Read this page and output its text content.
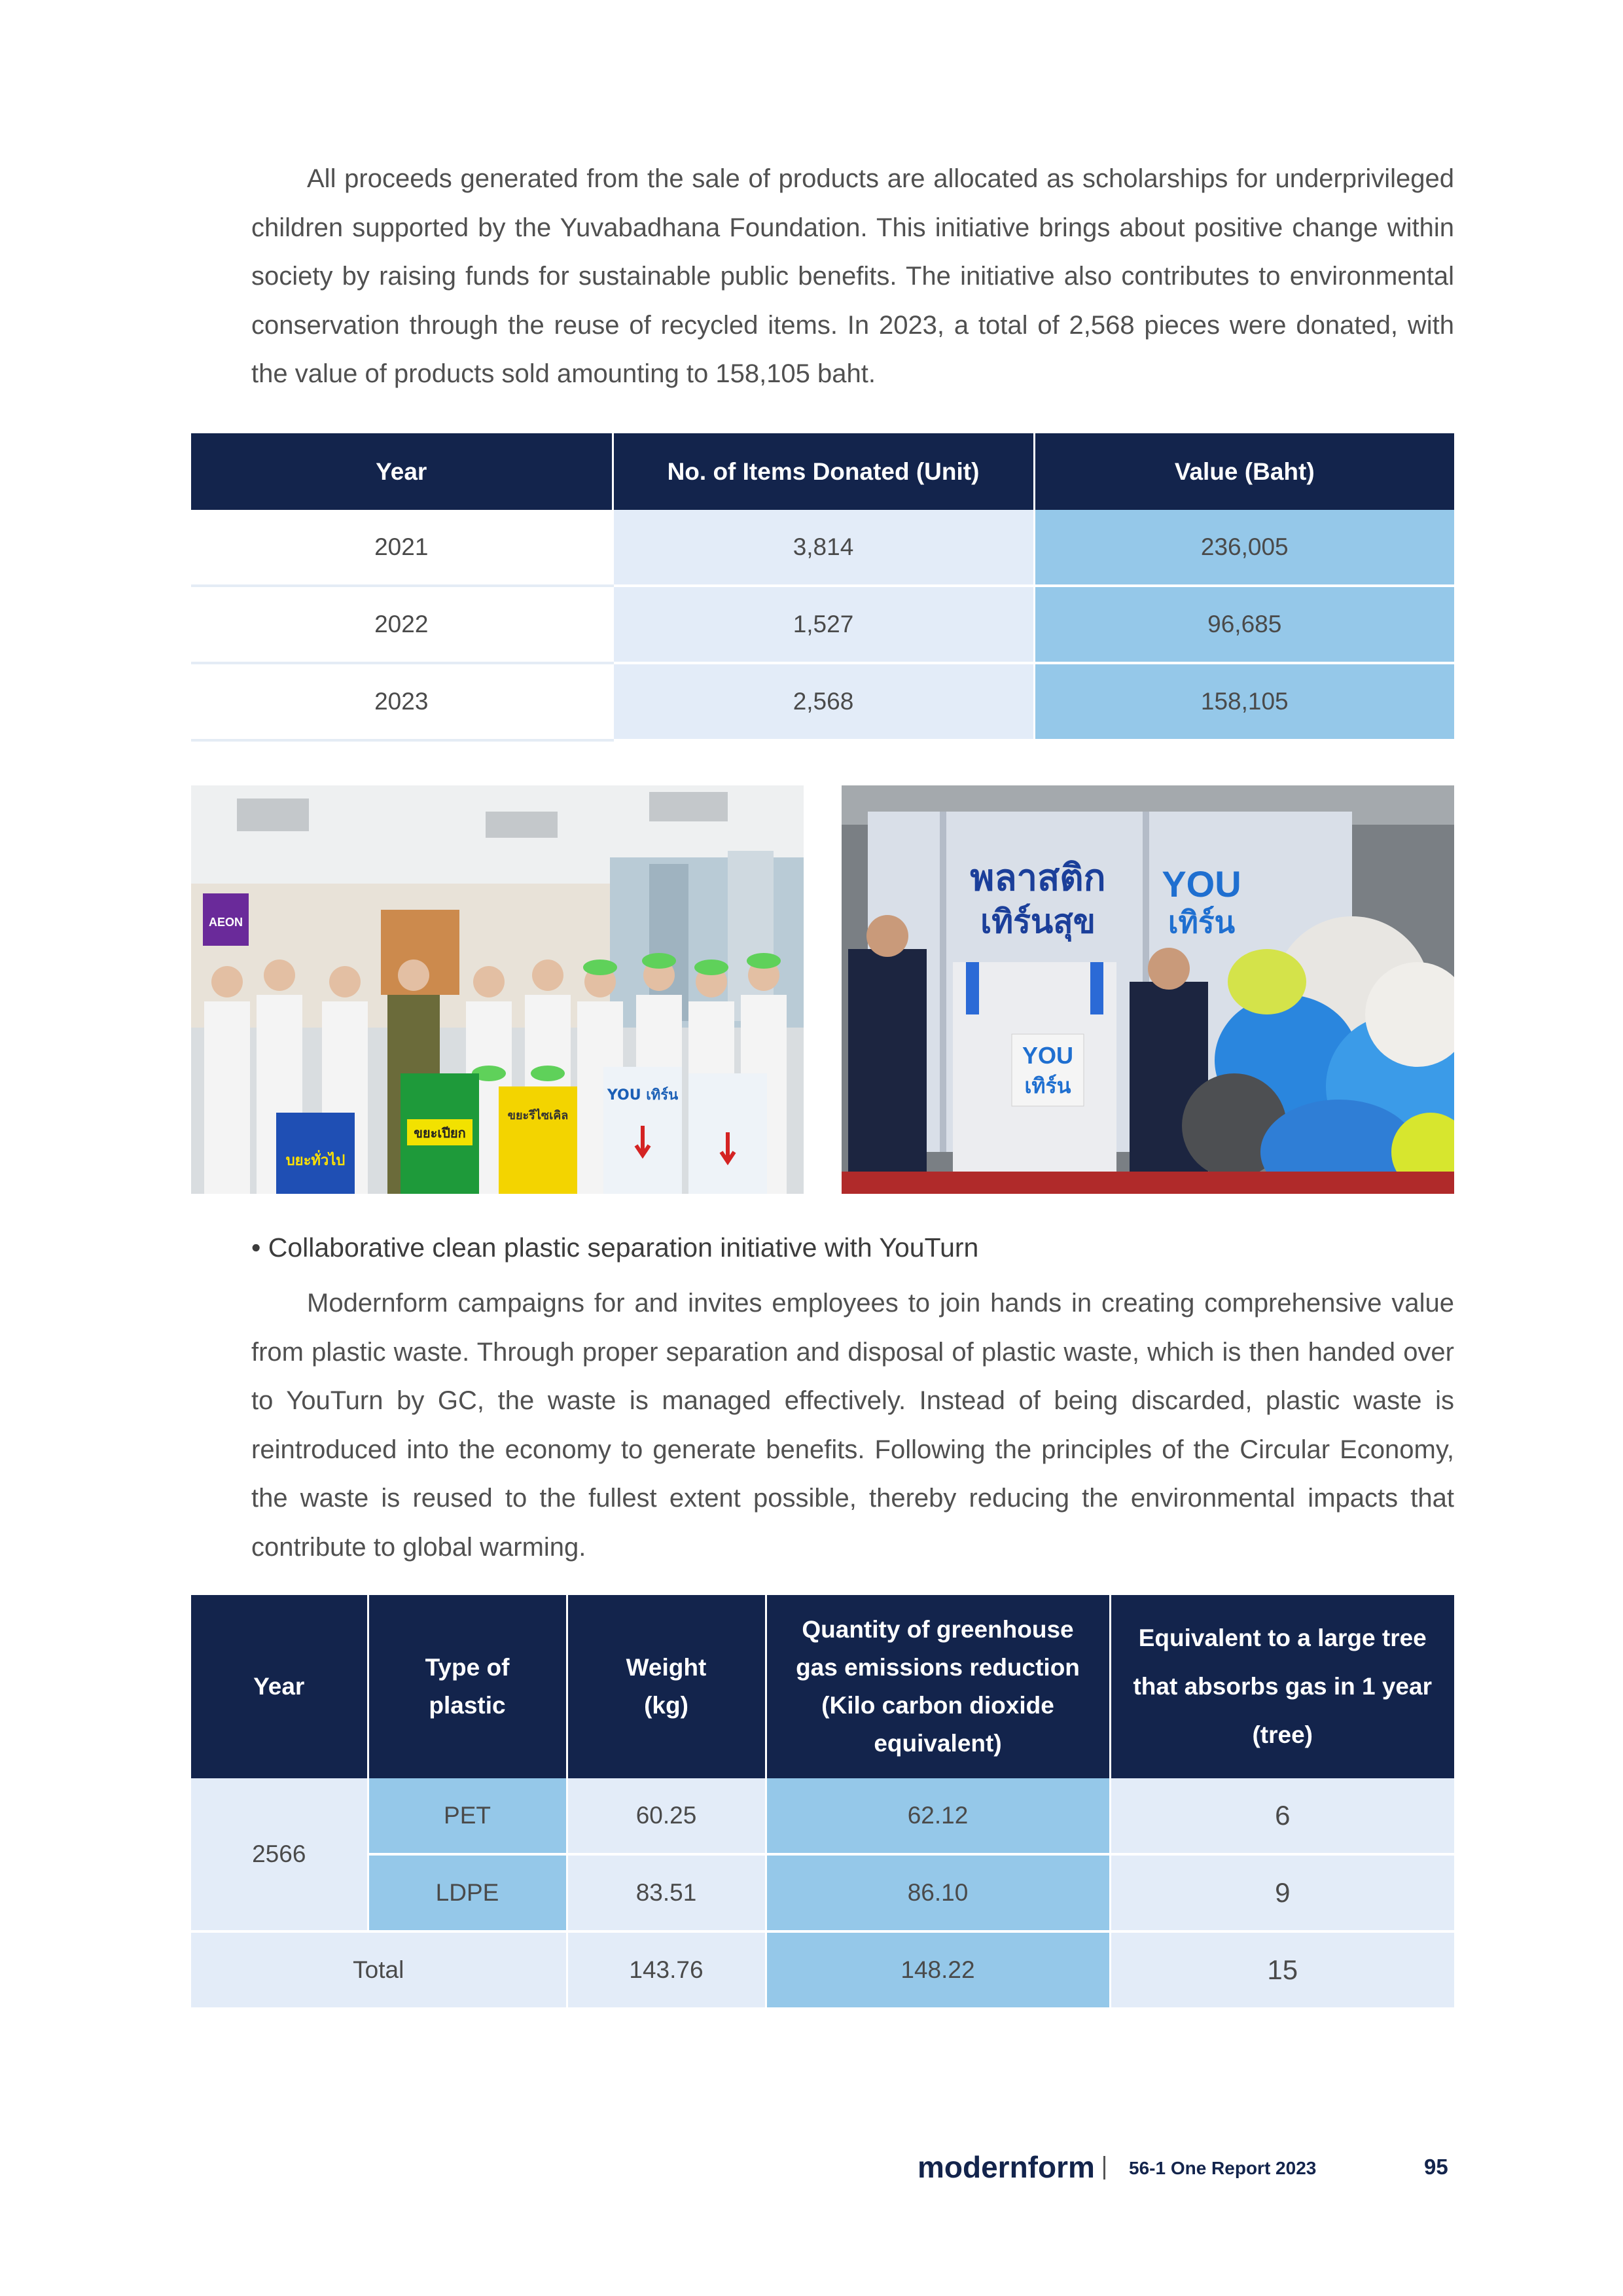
All proceeds generated from the sale of products are allocated as scholarships for underprivileged children supported by the Yuvabadhana Foundation. This initiative brings about positive change within society by raising funds for sustainable public benefits. The initiative also contributes to environmental conservation through the reuse of recycled items. In 2023, a total of 2,568 pieces were donated, with the value of products sold amounting to 158,105 baht.

Year	No. of Items Donated (Unit)	Value (Baht)
2021	3,814	236,005
2022	1,527	96,685
2023	2,568	158,105
AEON
บยะทั่วไป
ขยะเปียก
ขยะรีไซเคิล
YOU เทิร์น
พลาสติก
เทิร์นสุข
YOU
เทิร์น
YOU
เทิร์น

• Collaborative clean plastic separation initiative with YouTurn

Modernform campaigns for and invites employees to join hands in creating comprehensive value from plastic waste. Through proper separation and disposal of plastic waste, which is then handed over to YouTurn by GC, the waste is managed effectively. Instead of being discarded, plastic waste is reintroduced into the economy to generate benefits. Following the principles of the Circular Economy, the waste is reused to the fullest extent possible, thereby reducing the environmental impacts that contribute to global warming.

Year	Type of plastic	Weight (kg)	Quantity of greenhouse gas emissions reduction (Kilo carbon dioxide equivalent)	Equivalent to a large tree that absorbs gas in 1 year (tree)
2566	PET	60.25	62.12	6
	LDPE	83.51	86.10	9
Total		143.76	148.22	15
modernform 56-1 One Report 2023	95
